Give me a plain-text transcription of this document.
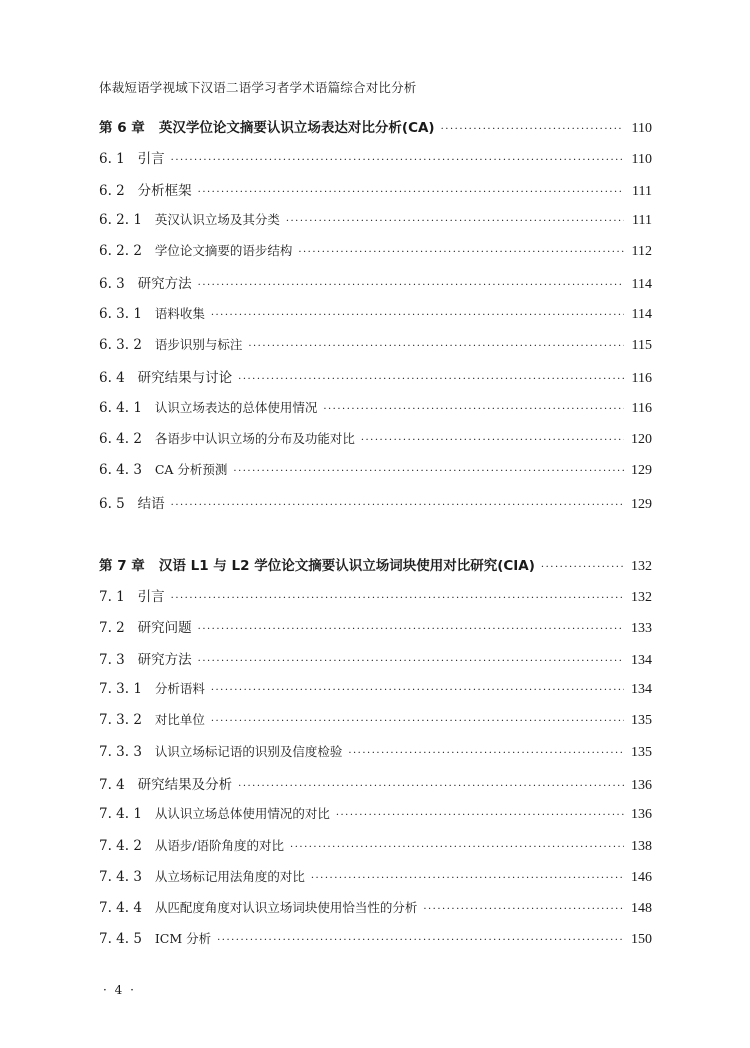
体裁短语学视域下汉语二语学习者学术语篇综合对比分析
第 6 章 英汉学位论文摘要认识立场表达对比分析(CA) ·····	110
6. 1 引言 ·····	110
6. 2 分析框架 ·····	111
6. 2. 1 英汉认识立场及其分类 ·····	111
6. 2. 2 学位论文摘要的语步结构 ·····	112
6. 3 研究方法 ·····	114
6. 3. 1 语料收集 ·····	114
6. 3. 2 语步识别与标注 ·····	115
6. 4 研究结果与讨论 ·····	116
6. 4. 1 认识立场表达的总体使用情况 ·····	116
6. 4. 2 各语步中认识立场的分布及功能对比 ·····	120
6. 4. 3 CA 分析预测 ·····	129
6. 5 结语 ·····	129
第 7 章 汉语 L1 与 L2 学位论文摘要认识立场词块使用对比研究(CIA) ·····	132
7. 1 引言 ·····	132
7. 2 研究问题 ·····	133
7. 3 研究方法 ·····	134
7. 3. 1 分析语料 ·····	134
7. 3. 2 对比单位 ·····	135
7. 3. 3 认识立场标记语的识别及信度检验 ·····	135
7. 4 研究结果及分析 ·····	136
7. 4. 1 从认识立场总体使用情况的对比 ·····	136
7. 4. 2 从语步/语阶角度的对比 ·····	138
7. 4. 3 从立场标记用法角度的对比 ·····	146
7. 4. 4 从匹配度角度对认识立场词块使用恰当性的分析 ·····	148
7. 4. 5 ICM 分析 ·····	150
· 4 ·
